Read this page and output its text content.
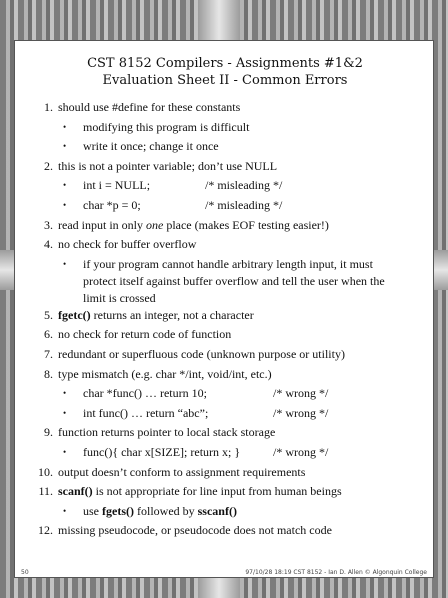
CST 8152 Compilers - Assignments #1&2
Evaluation Sheet II - Common Errors
1. should use #define for these constants
• modifying this program is difficult
• write it once; change it once
2. this is not a pointer variable; don’t use NULL
• int i = NULL;	/* misleading */
• char *p = 0;	/* misleading */
3. read input in only one place (makes EOF testing easier!)
4. no check for buffer overflow
• if your program cannot handle arbitrary length input, it must protect itself against buffer overflow and tell the user when the limit is crossed
5. fgetc() returns an integer, not a character
6. no check for return code of function
7. redundant or superfluous code (unknown purpose or utility)
8. type mismatch (e.g. char */int, void/int, etc.)
• char *func() … return 10;	/* wrong */
• int func() … return “abc”;	/* wrong */
9. function returns pointer to local stack storage
• func(){ char x[SIZE]; return x; }	/* wrong */
10. output doesn’t conform to assignment requirements
11. scanf() is not appropriate for line input from human beings
• use fgets() followed by sscanf()
12. missing pseudocode, or pseudocode does not match code
50	97/10/28 18:19 CST 8152 - Ian D. Allen © Algonquin College
